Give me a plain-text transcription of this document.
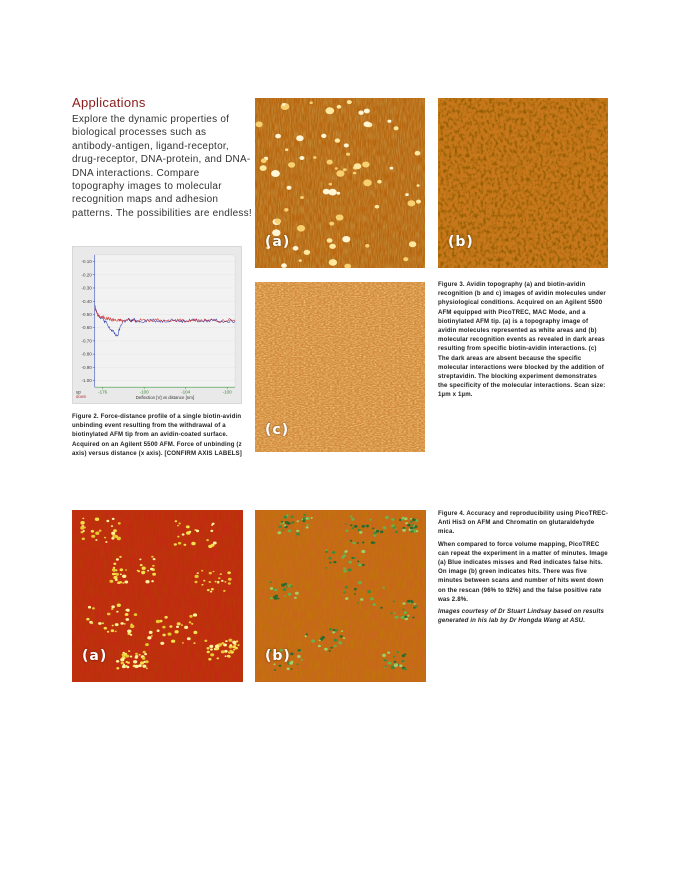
Applications

Explore the dynamic properties of biological processes such as antibody-antigen, ligand-receptor, drug-receptor, DNA-protein, and DNA-DNA interactions. Compare topography images to molecular recognition maps and adhesion patterns. The possibilities are endless!

(a)	(b)
(c)

Figure 3. Avidin topography (a) and biotin-avidin recognition (b and c) images of avidin molecules under physiological conditions. Acquired on an Agilent 5500 AFM equipped with PicoTREC, MAC Mode, and a biotinylated AFM tip. (a) is a topography image of avidin molecules represented as white areas and (b) molecular recognition events as revealed in dark areas resulting from specific biotin-avidin interactions. (c) The dark areas are absent because the specific molecular interactions were blocked by the addition of streptavidin. The blocking experiment demonstrates the specificity of the molecular interactions. Scan size: 1µm x 1µm.

-0.10
-0.20
-0.30
-0.40
-0.50
-0.60
-0.70
-0.80
-0.90
-1.00
-176	-100	-104	-100
Deflection [V] vs distance [nm]
up
down

Figure 2. Force-distance profile of a single biotin-avidin unbinding event resulting from the withdrawal of a biotinylated AFM tip from an avidin-coated surface. Acquired on an Agilent 5500 AFM. Force of unbinding (z axis) versus distance (x axis). [CONFIRM AXIS LABELS]

(a)	(b)

Figure 4. Accuracy and reproducibility using PicoTREC- Anti His3 on AFM and Chromatin on glutaraldehyde mica.

When compared to force volume mapping, PicoTREC can repeat the experiment in a matter of minutes. Image (a) Blue indicates misses and Red indicates false hits. On image (b) green indicates hits. There was five minutes between scans and number of hits went down on the rescan (96% to 92%) and the false positive rate was 2.8%.

Images courtesy of Dr Stuart Lindsay based on results generated in his lab by Dr Hongda Wang at ASU.
